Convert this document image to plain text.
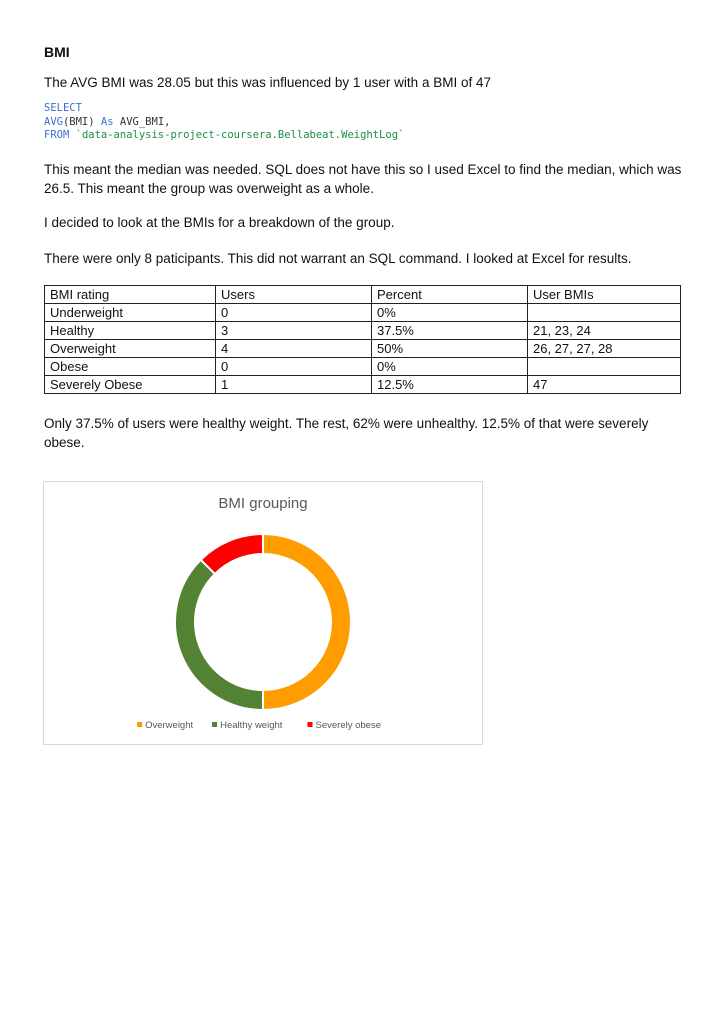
BMI
The AVG BMI was 28.05 but this was influenced by 1 user with a BMI of 47
SELECT
AVG(BMI) As AVG_BMI,
FROM `data-analysis-project-coursera.Bellabeat.WeightLog`
This meant the median was needed. SQL does not have this so I used Excel to find the median, which was 26.5. This meant the group was overweight as a whole.
I decided to look at the BMIs for a breakdown of the group.
There were only 8 paticipants. This did not warrant an SQL command. I looked at Excel for results.
BMI rating	Users	Percent	User BMIs
Underweight	0	0%	
Healthy	3	37.5%	21, 23, 24
Overweight	4	50%	26, 27, 27, 28
Obese	0	0%	
Severely Obese	1	12.5%	47
Only 37.5% of users were healthy weight. The rest, 62% were unhealthy. 12.5% of that were severely obese.
BMI grouping
Overweight	Healthy weight	Severely obese
